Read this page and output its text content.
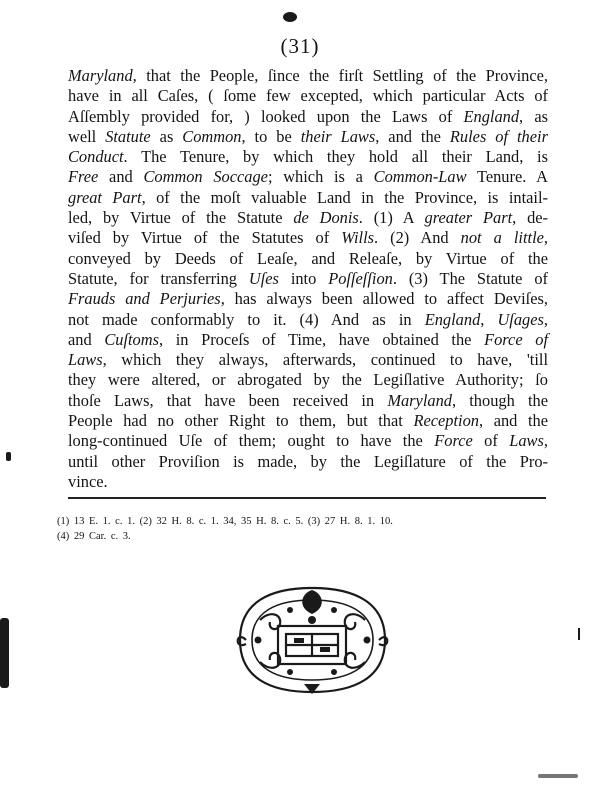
(31)
Maryland, that the People, ſince the firſt Settling of the Province,
have in all Caſes, ( ſome few excepted, which particular Acts of
Aſſembly provided for, ) looked upon the Laws of England, as
well Statute as Common, to be their Laws, and the Rules of their
Conduct. The Tenure, by which they hold all their Land, is
Free and Common Soccage; which is a Common-Law Tenure. A
great Part, of the moſt valuable Land in the Province, is intail-
led, by Virtue of the Statute de Donis. (1) A greater Part, de-
viſed by Virtue of the Statutes of Wills. (2) And not a little,
conveyed by Deeds of Leaſe, and Releaſe, by Virtue of the
Statute, for transferring Uſes into Poſſeſſion. (3) The Statute of
Frauds and Perjuries, has always been allowed to affect Deviſes,
not made conformably to it. (4) And as in England, Uſages,
and Cuſtoms, in Proceſs of Time, have obtained the Force of
Laws, which they always, afterwards, continued to have, 'till
they were altered, or abrogated by the Legiſlative Authority; ſo
thoſe Laws, that have been received in Maryland, though the
People had no other Right to them, but that Reception, and the
long-continued Uſe of them; ought to have the Force of Laws,
until other Proviſion is made, by the Legiſlature of the Pro-
vince.
(1) 13 E. 1. c. 1. (2) 32 H. 8. c. 1. 34, 35 H. 8. c. 5. (3) 27 H. 8. 1. 10.
(4) 29 Car. c. 3.
